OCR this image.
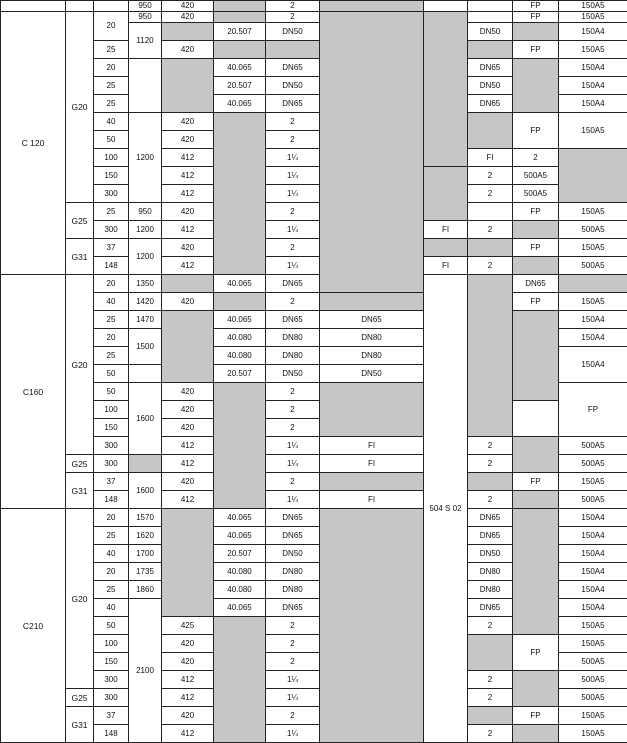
			950	420		2				FP	150A5	
C 120	G20	20	950	420		2				FP	150A5	
			1120		20.507	DN50			DN50		150A4	
		25		420						FP	150A5	
		20			40.065	DN65			DN65		150A4	
		25			20.507	DN50			DN50		150A4	
		25			40.065	DN65			DN65		150A4	
		40	1200	420		2				FP	150A5	
		50		420		2						
		100		412		1¼			FI	2		
		150		412		1¼			2	500A5		
		300		412		1¼			2	500A5		
	G25	25	950	420		2				FP	150A5	
		300	1200	412		1¼		FI	2		500A5	
	G31	37	1200	420		2				FP	150A5	
		148		412		1¼		FI	2		500A5	
C160	G20	20	1350		40.065	DN65		504 S 02		DN65		
		40	1420	420		2				FP	150A5	
		25	1470		40.065	DN65	DN65				150A4	
		20	1500		40.080	DN80	DN80				150A4	
		25			40.080	DN80	DN80				150A4	
		50			20.507	DN50	DN50					
		50	1600	420		2					FP	
		100		420		2						
		150		420		2						
		300		412		1¼	FI		2		500A5	
	G25	300		412		1¼	FI		2		500A5	
	G31	37	1600	420		2				FP	150A5	
		148		412		1¼	FI		2		500A5	
C210	G20	20	1570		40.065	DN65			DN65		150A4	
		25	1620		40.065	DN65			DN65		150A4	
		40	1700		20.507	DN50			DN50		150A4	
		20	1735		40.080	DN80			DN80		150A4	
		25	1860		40.080	DN80			DN80		150A4	
		40	2100		40.065	DN65			DN65		150A4	
		50		425		2			2		150A5	
		100		420		2				FP	150A5	
		150		420		2					500A5	
		300		412		1¼			2		500A5	
	G25	300		412		1¼			2		500A5	
	G31	37		420		2				FP	150A5	
		148		412		1¼			2		150A5	
